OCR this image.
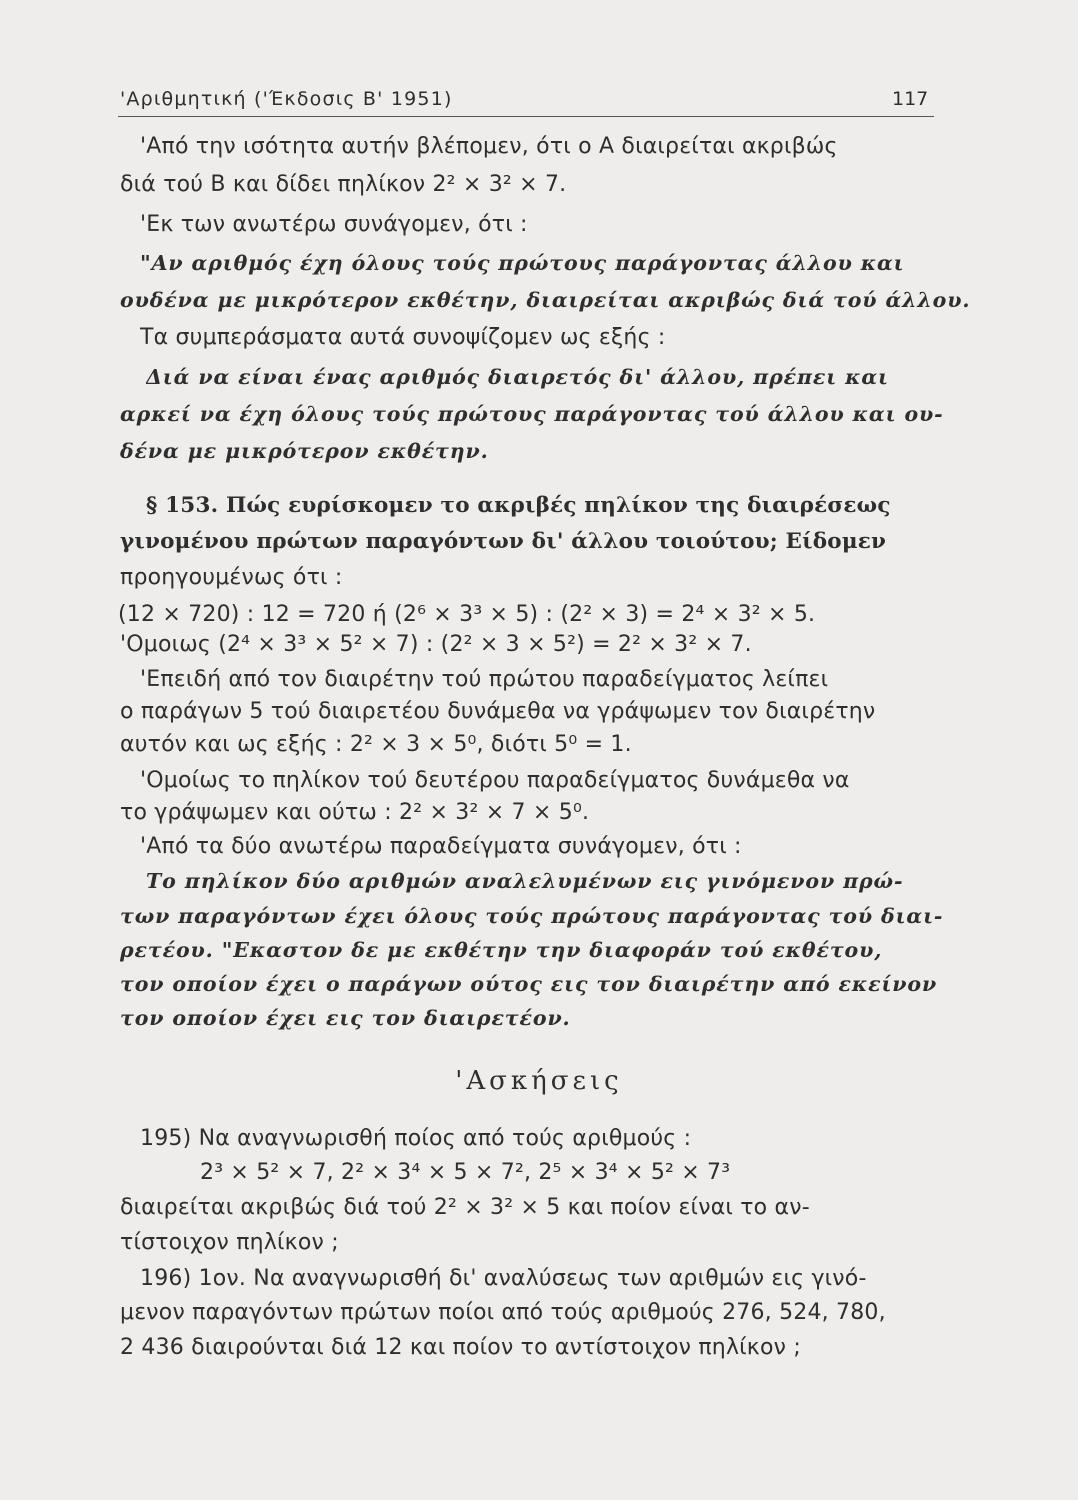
'Αριθμητική ('Έκδοσις Β' 1951)	117

'Από την ισότητα αυτήν βλέπομεν, ότι ο Α διαιρείται ακριβώς

διά τού Β και δίδει πηλίκον 2² × 3² × 7.

'Εκ των ανωτέρω συνάγομεν, ότι :

"Αν αριθμός έχη όλους τούς πρώτους παράγοντας άλλου και

ουδένα με μικρότερον εκθέτην, διαιρείται ακριβώς διά τού άλλου.

Τα συμπεράσματα αυτά συνοψίζομεν ως εξής :

Διά να είναι ένας αριθμός διαιρετός δι' άλλου, πρέπει και

αρκεί να έχη όλους τούς πρώτους παράγοντας τού άλλου και ου-

δένα με μικρότερον εκθέτην.

§ 153. Πώς ευρίσκομεν το ακριβές πηλίκον της διαιρέσεως

γινομένου πρώτων παραγόντων δι' άλλου τοιούτου; Είδομεν

προηγουμένως ότι :

(12 × 720) : 12 = 720 ή (2⁶ × 3³ × 5) : (2² × 3) = 2⁴ × 3² × 5.

'Ομοιως (2⁴ × 3³ × 5² × 7) : (2² × 3 × 5²) = 2² × 3² × 7.

'Επειδή από τον διαιρέτην τού πρώτου παραδείγματος λείπει

ο παράγων 5 τού διαιρετέου δυνάμεθα να γράψωμεν τον διαιρέτην

αυτόν και ως εξής : 2² × 3 × 5⁰, διότι 5⁰ = 1.

'Ομοίως το πηλίκον τού δευτέρου παραδείγματος δυνάμεθα να

το γράψωμεν και ούτω : 2² × 3² × 7 × 5⁰.

'Από τα δύο ανωτέρω παραδείγματα συνάγομεν, ότι :

Το πηλίκον δύο αριθμών αναλελυμένων εις γινόμενον πρώ-

των παραγόντων έχει όλους τούς πρώτους παράγοντας τού διαι-

ρετέου. "Εκαστον δε με εκθέτην την διαφοράν τού εκθέτου,

τον οποίον έχει ο παράγων ούτος εις τον διαιρέτην από εκείνον

τον οποίον έχει εις τον διαιρετέον.

'Ασκήσεις

195) Να αναγνωρισθή ποίος από τούς αριθμούς :

2³ × 5² × 7, 2² × 3⁴ × 5 × 7², 2⁵ × 3⁴ × 5² × 7³

διαιρείται ακριβώς διά τού 2² × 3² × 5 και ποίον είναι το αν-

τίστοιχον πηλίκον ;

196) 1ον. Να αναγνωρισθή δι' αναλύσεως των αριθμών εις γινό-

μενον παραγόντων πρώτων ποίοι από τούς αριθμούς 276, 524, 780,

2 436 διαιρούνται διά 12 και ποίον το αντίστοιχον πηλίκον ;
